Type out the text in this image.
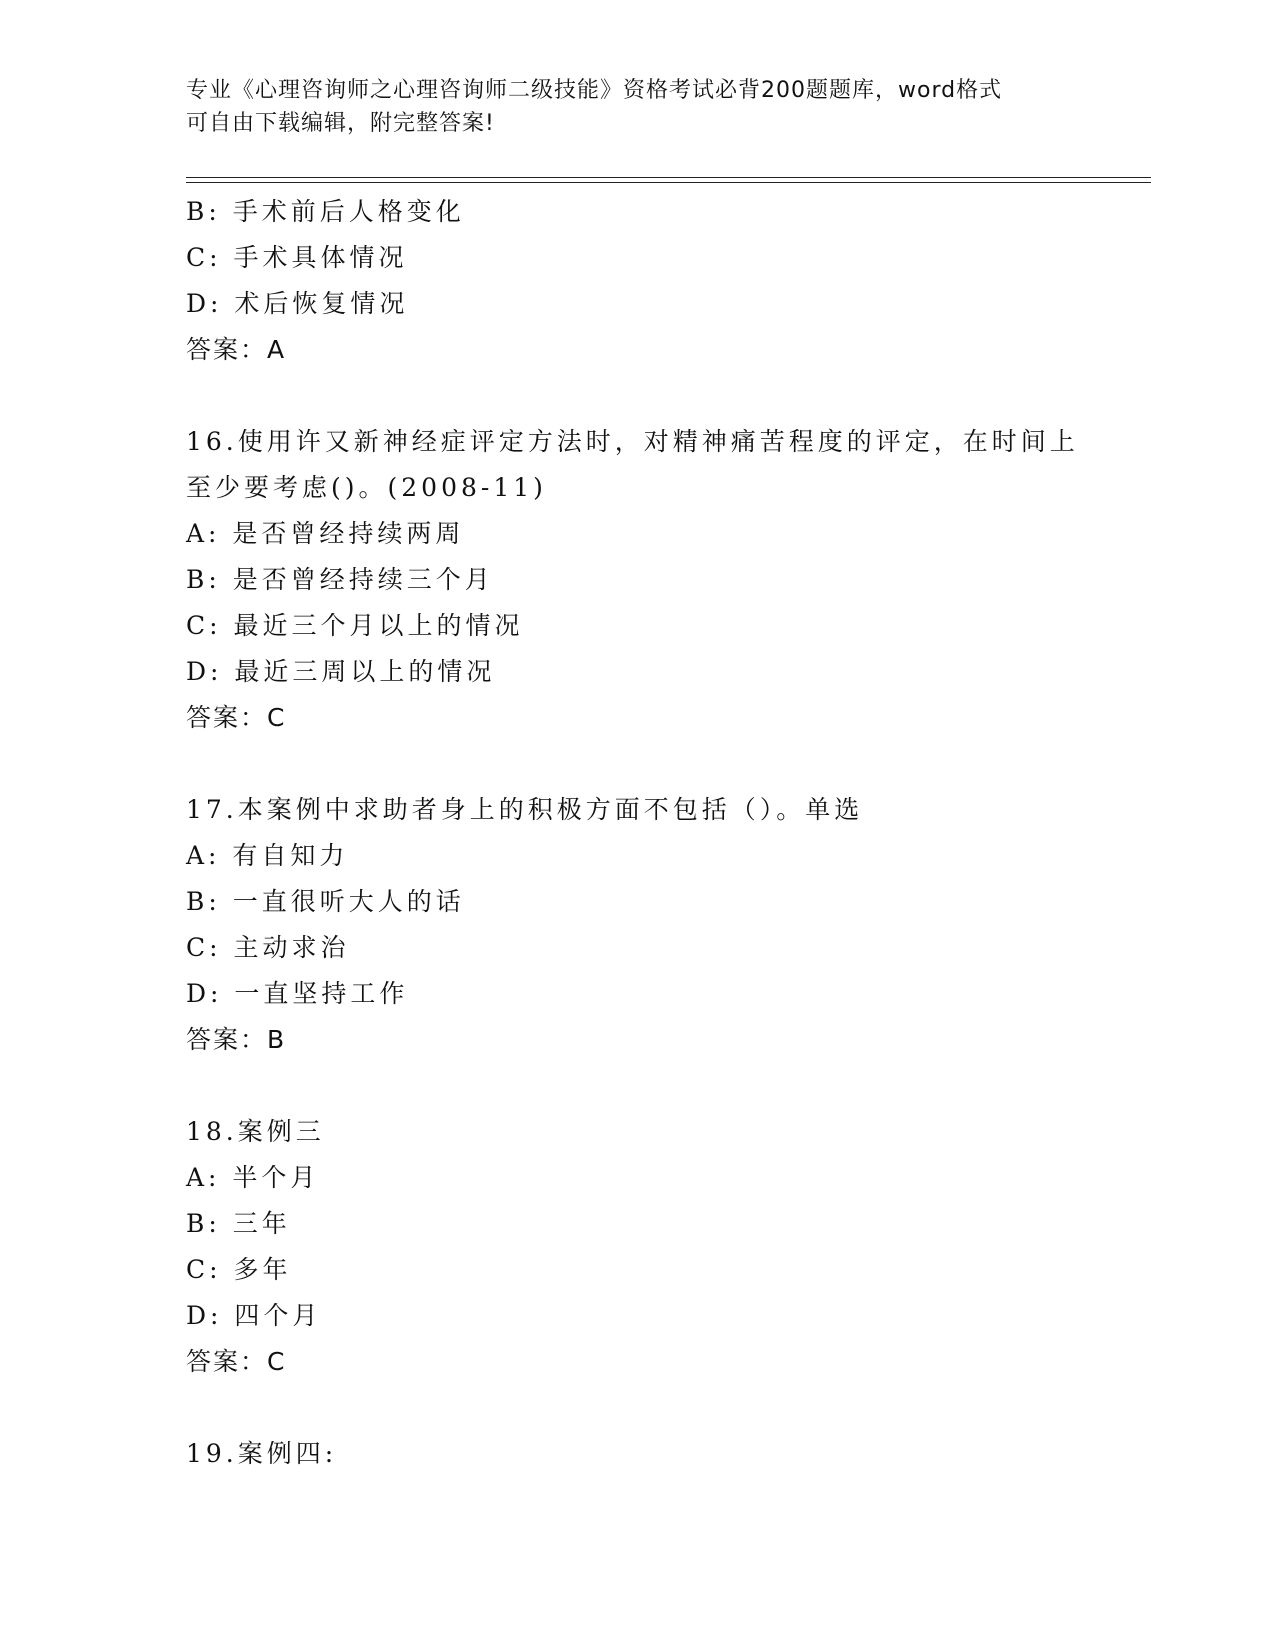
专业《心理咨询师之心理咨询师二级技能》资格考试必背200题题库，word格式
可自由下载编辑，附完整答案!
B: 手术前后人格变化
C: 手术具体情况
D: 术后恢复情况
答案：A
16.使用许又新神经症评定方法时，对精神痛苦程度的评定，在时间上
至少要考虑()。(2008-11)
A: 是否曾经持续两周
B: 是否曾经持续三个月
C: 最近三个月以上的情况
D: 最近三周以上的情况
答案：C
17.本案例中求助者身上的积极方面不包括（）。单选
A: 有自知力
B: 一直很听大人的话
C: 主动求治
D: 一直坚持工作
答案：B
18.案例三
A: 半个月
B: 三年
C: 多年
D: 四个月
答案：C
19.案例四:
